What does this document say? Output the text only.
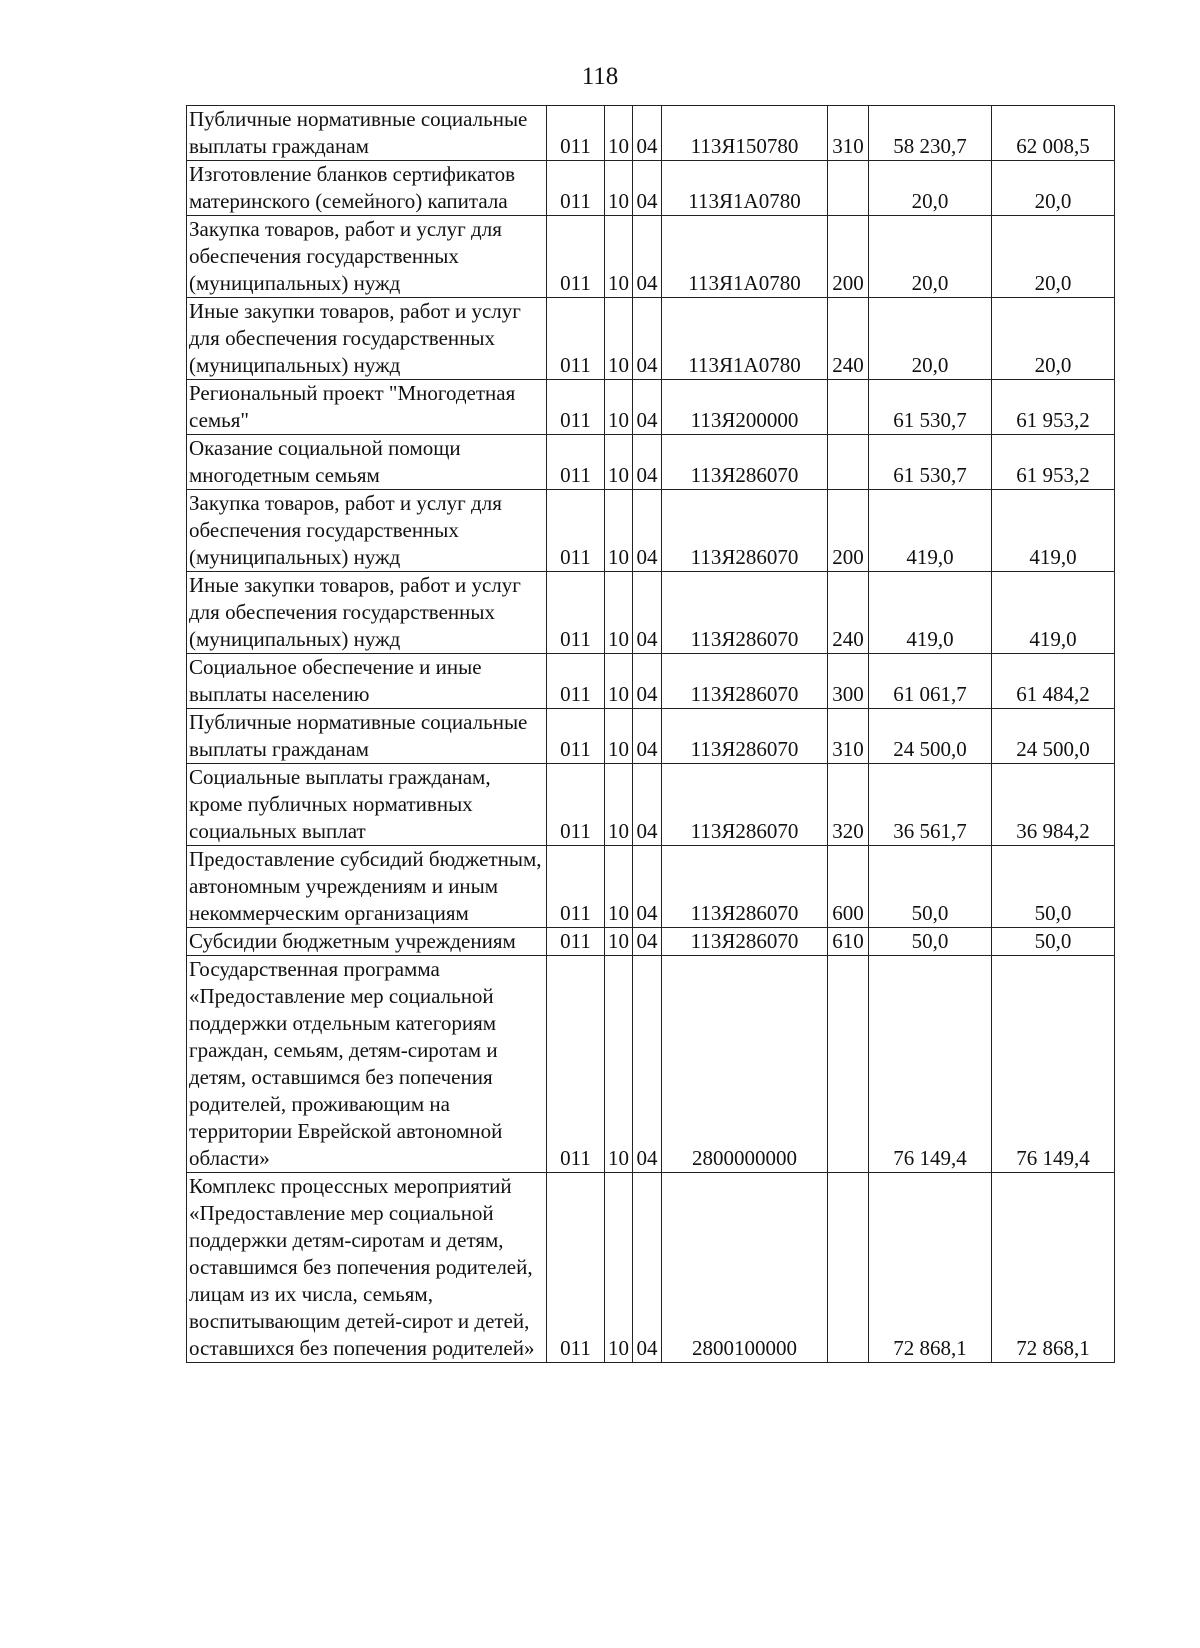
118
Публичные нормативные социальные выплаты гражданам	011	10	04	113Я150780	310	58 230,7	62 008,5
Изготовление бланков сертификатов материнского (семейного) капитала	011	10	04	113Я1А0780		20,0	20,0
Закупка товаров, работ и услуг для обеспечения государственных (муниципальных) нужд	011	10	04	113Я1А0780	200	20,0	20,0
Иные закупки товаров, работ и услуг для обеспечения государственных (муниципальных) нужд	011	10	04	113Я1А0780	240	20,0	20,0
Региональный проект "Многодетная семья"	011	10	04	113Я200000		61 530,7	61 953,2
Оказание социальной помощи многодетным семьям	011	10	04	113Я286070		61 530,7	61 953,2
Закупка товаров, работ и услуг для обеспечения государственных (муниципальных) нужд	011	10	04	113Я286070	200	419,0	419,0
Иные закупки товаров, работ и услуг для обеспечения государственных (муниципальных) нужд	011	10	04	113Я286070	240	419,0	419,0
Социальное обеспечение и иные выплаты населению	011	10	04	113Я286070	300	61 061,7	61 484,2
Публичные нормативные социальные выплаты гражданам	011	10	04	113Я286070	310	24 500,0	24 500,0
Социальные выплаты гражданам, кроме публичных нормативных социальных выплат	011	10	04	113Я286070	320	36 561,7	36 984,2
Предоставление субсидий бюджетным, автономным учреждениям и иным некоммерческим организациям	011	10	04	113Я286070	600	50,0	50,0
Субсидии бюджетным учреждениям	011	10	04	113Я286070	610	50,0	50,0
Государственная программа «Предоставление мер социальной поддержки отдельным категориям граждан, семьям, детям-сиротам и детям, оставшимся без попечения родителей, проживающим на территории Еврейской автономной области»	011	10	04	2800000000		76 149,4	76 149,4
Комплекс процессных мероприятий «Предоставление мер социальной поддержки детям-сиротам и детям, оставшимся без попечения родителей, лицам из их числа, семьям, воспитывающим детей-сирот и детей, оставшихся без попечения родителей»	011	10	04	2800100000		72 868,1	72 868,1
